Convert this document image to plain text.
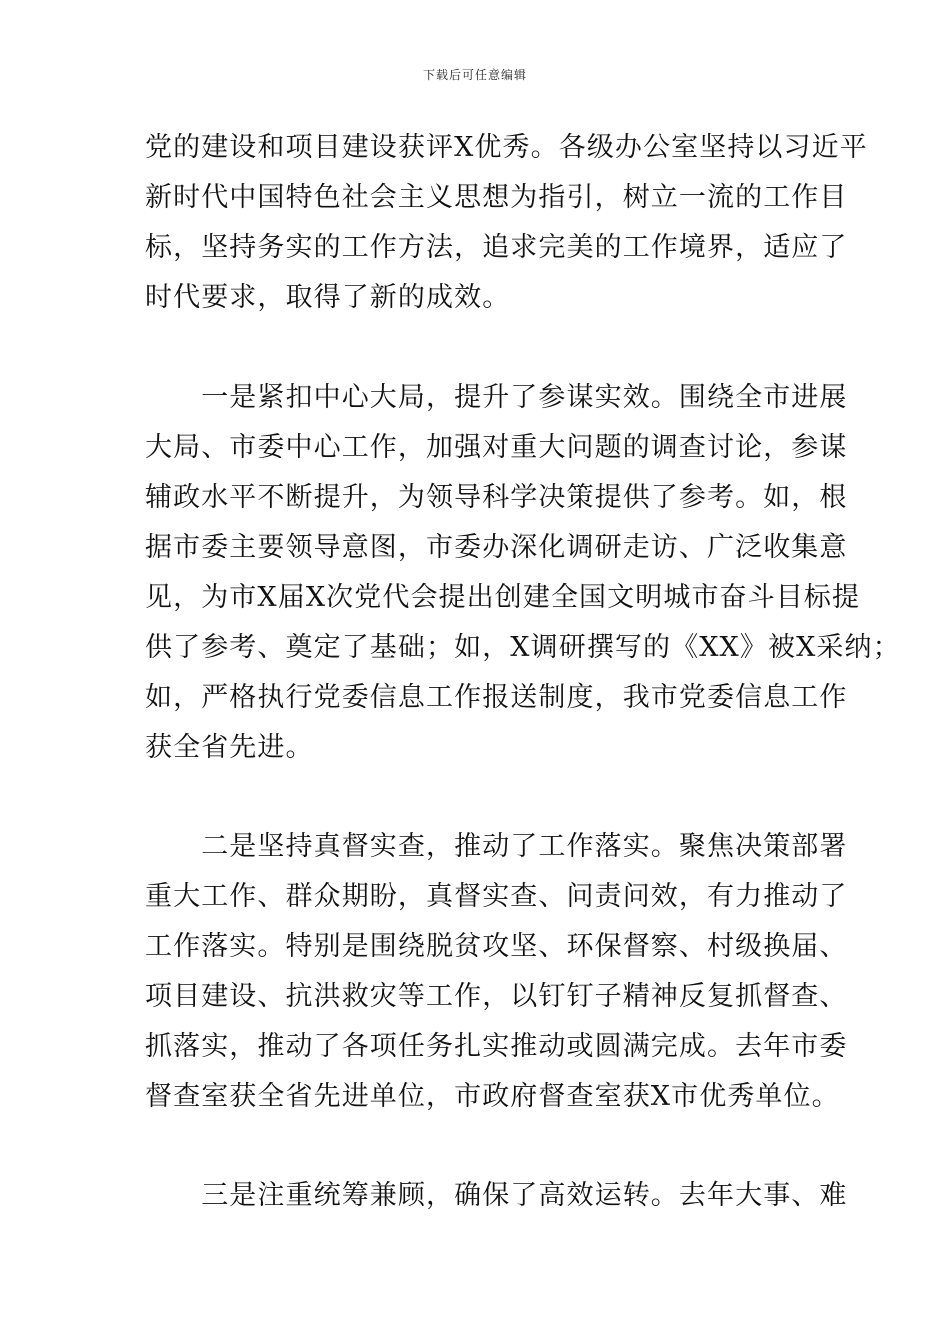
下载后可任意编辑
党的建设和项目建设获评X优秀。各级办公室坚持以习近平
新时代中国特色社会主义思想为指引，树立一流的工作目
标，坚持务实的工作方法，追求完美的工作境界，适应了
时代要求，取得了新的成效。
　　一是紧扣中心大局，提升了参谋实效。围绕全市进展
大局、市委中心工作，加强对重大问题的调查讨论，参谋
辅政水平不断提升，为领导科学决策提供了参考。如，根
据市委主要领导意图，市委办深化调研走访、广泛收集意
见，为市X届X次党代会提出创建全国文明城市奋斗目标提
供了参考、奠定了基础；如，X调研撰写的《XX》被X采纳；
如，严格执行党委信息工作报送制度，我市党委信息工作
获全省先进。
　　二是坚持真督实查，推动了工作落实。聚焦决策部署
重大工作、群众期盼，真督实查、问责问效，有力推动了
工作落实。特别是围绕脱贫攻坚、环保督察、村级换届、
项目建设、抗洪救灾等工作，以钉钉子精神反复抓督查、
抓落实，推动了各项任务扎实推动或圆满完成。去年市委
督查室获全省先进单位，市政府督查室获X市优秀单位。
　　三是注重统筹兼顾，确保了高效运转。去年大事、难
